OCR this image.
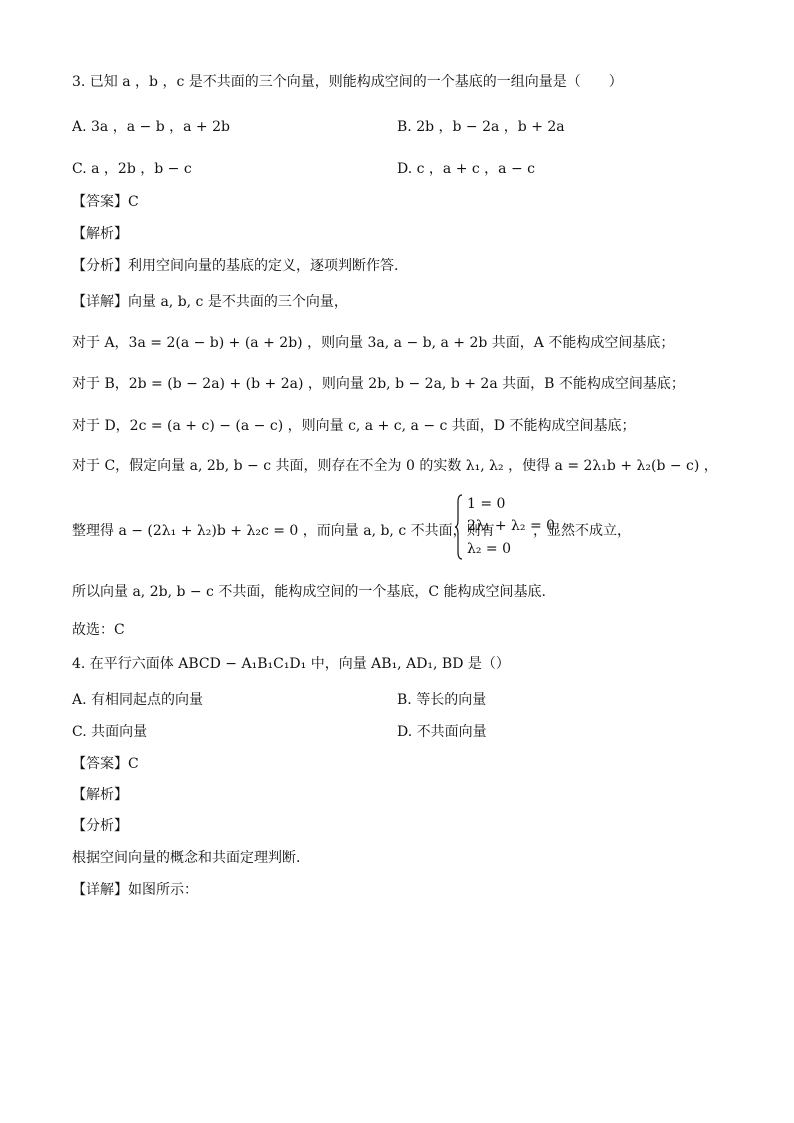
3. 已知 a ，b ，c 是不共面的三个向量，则能构成空间的一个基底的一组向量是（　　）
A. 3a ，a − b ，a + 2b	B. 2b ，b − 2a ，b + 2a
C. a ，2b ，b − c	D. c ，a + c ，a − c
【答案】C
【解析】
【分析】利用空间向量的基底的定义，逐项判断作答.
【详解】向量 a, b, c 是不共面的三个向量，
对于 A，3a = 2(a − b) + (a + 2b) ，则向量 3a, a − b, a + 2b 共面，A 不能构成空间基底；
对于 B，2b = (b − 2a) + (b + 2a) ，则向量 2b, b − 2a, b + 2a 共面，B 不能构成空间基底；
对于 D，2c = (a + c) − (a − c) ，则向量 c, a + c, a − c 共面，D 不能构成空间基底；
对于 C，假定向量 a, 2b, b − c 共面，则存在不全为 0 的实数 λ₁, λ₂ ，使得 a = 2λ₁b + λ₂(b − c) ，
整理得 a − (2λ₁ + λ₂)b + λ₂c = 0 ，而向量 a, b, c 不共面，则有
1 = 0
2λ₁ + λ₂ = 0
λ₂ = 0
，显然不成立，
所以向量 a, 2b, b − c 不共面，能构成空间的一个基底，C 能构成空间基底.
故选：C
4. 在平行六面体 ABCD − A₁B₁C₁D₁ 中，向量 AB₁, AD₁, BD 是（）
A. 有相同起点的向量	B. 等长的向量
C. 共面向量	D. 不共面向量
【答案】C
【解析】
【分析】
根据空间向量的概念和共面定理判断.
【详解】如图所示：
